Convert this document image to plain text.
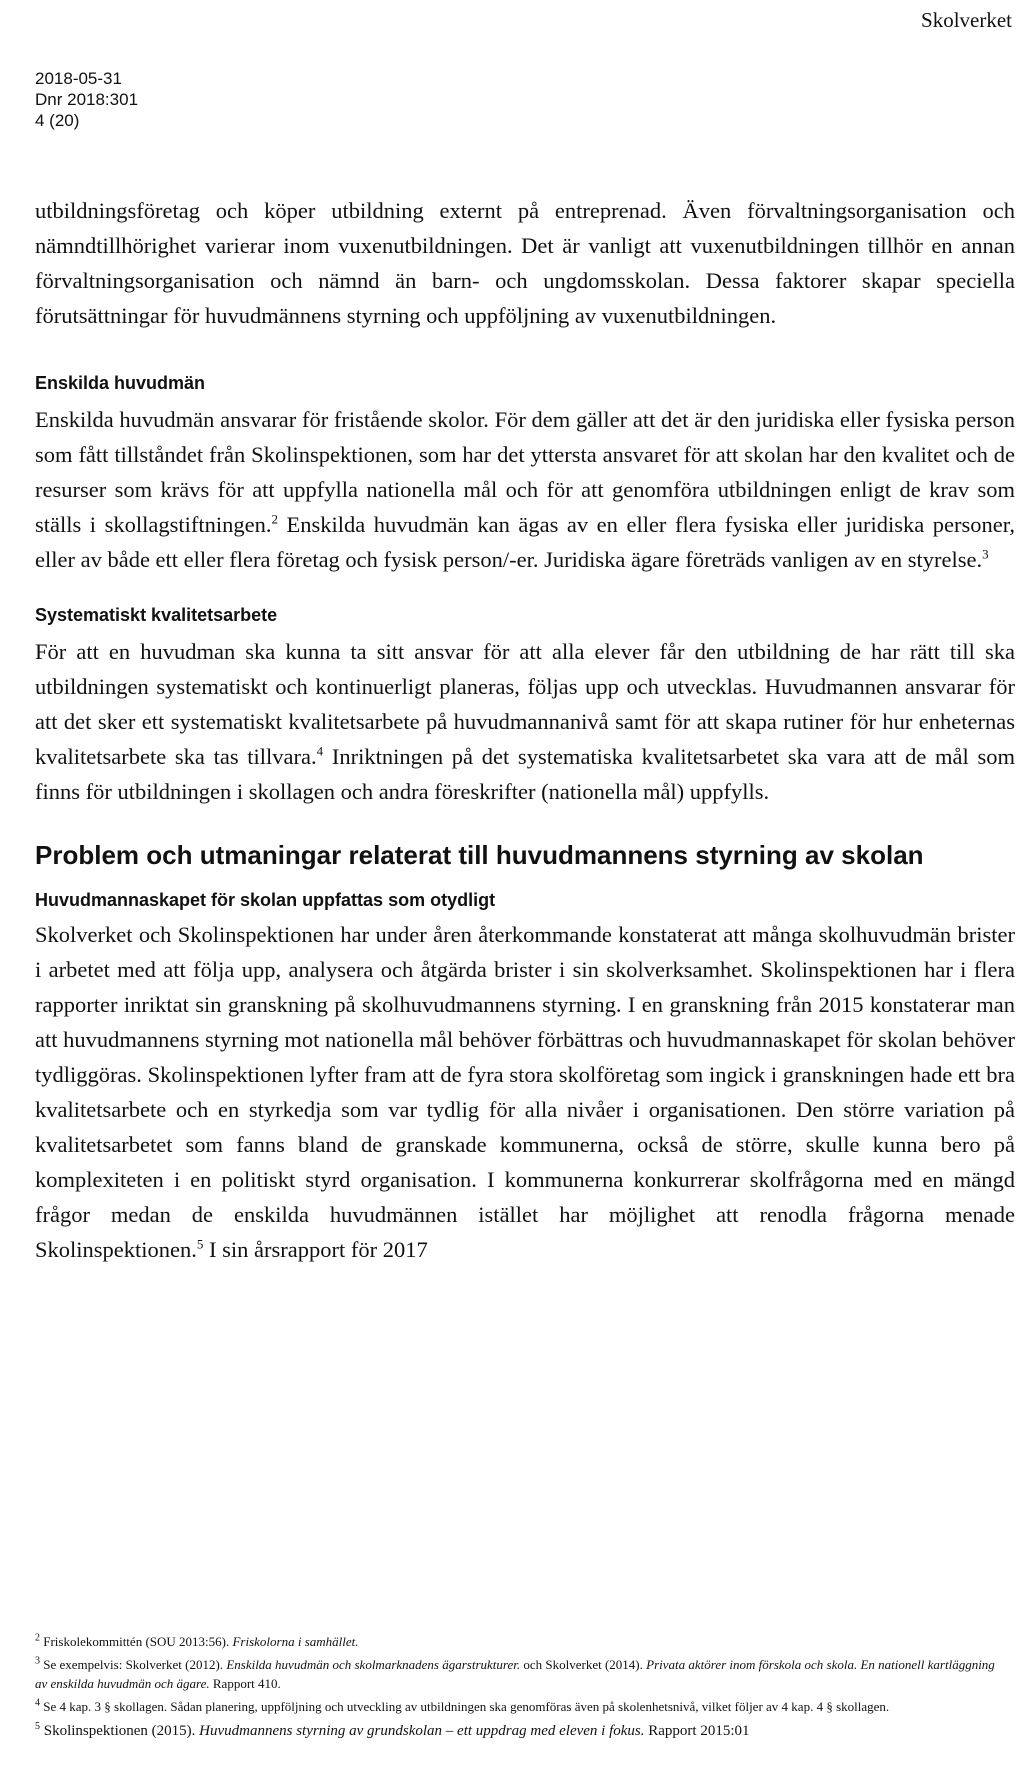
Skolverket
2018-05-31
Dnr 2018:301
4 (20)

utbildningsföretag och köper utbildning externt på entreprenad. Även förvaltningsorganisation och nämndtillhörighet varierar inom vuxenutbildningen. Det är vanligt att vuxenutbildningen tillhör en annan förvaltningsorganisation och nämnd än barn- och ungdomsskolan. Dessa faktorer skapar speciella förutsättningar för huvudmännens styrning och uppföljning av vuxenutbildningen.

Enskilda huvudmän

Enskilda huvudmän ansvarar för fristående skolor. För dem gäller att det är den juridiska eller fysiska person som fått tillståndet från Skolinspektionen, som har det yttersta ansvaret för att skolan har den kvalitet och de resurser som krävs för att uppfylla nationella mål och för att genomföra utbildningen enligt de krav som ställs i skollagstiftningen.$^2$ Enskilda huvudmän kan ägas av en eller flera fysiska eller juridiska personer, eller av både ett eller flera företag och fysisk person/-er. Juridiska ägare företräds vanligen av en styrelse.$^3$

Systematiskt kvalitetsarbete

För att en huvudman ska kunna ta sitt ansvar för att alla elever får den utbildning de har rätt till ska utbildningen systematiskt och kontinuerligt planeras, följas upp och utvecklas. Huvudmannen ansvarar för att det sker ett systematiskt kvalitetsarbete på huvudmannanivå samt för att skapa rutiner för hur enheternas kvalitetsarbete ska tas tillvara.$^4$ Inriktningen på det systematiska kvalitetsarbetet ska vara att de mål som finns för utbildningen i skollagen och andra föreskrifter (nationella mål) uppfylls.

Problem och utmaningar relaterat till huvudmannens styrning av skolan
Huvudmannaskapet för skolan uppfattas som otydligt

Skolverket och Skolinspektionen har under åren återkommande konstaterat att många skolhuvudmän brister i arbetet med att följa upp, analysera och åtgärda brister i sin skolverksamhet. Skolinspektionen har i flera rapporter inriktat sin granskning på skolhuvudmannens styrning. I en granskning från 2015 konstaterar man att huvudmannens styrning mot nationella mål behöver förbättras och huvudmannaskapet för skolan behöver tydliggöras. Skolinspektionen lyfter fram att de fyra stora skolföretag som ingick i granskningen hade ett bra kvalitetsarbete och en styrkedja som var tydlig för alla nivåer i organisationen. Den större variation på kvalitetsarbetet som fanns bland de granskade kommunerna, också de större, skulle kunna bero på komplexiteten i en politiskt styrd organisation. I kommunerna konkurrerar skolfrågorna med en mängd frågor medan de enskilda huvudmännen istället har möjlighet att renodla frågorna menade Skolinspektionen.$^5$ I sin årsrapport för 2017

$^2$ Friskolekommittén (SOU 2013:56). Friskolorna i samhället.

$^3$ Se exempelvis: Skolverket (2012). Enskilda huvudmän och skolmarknadens ägarstrukturer. och Skolverket (2014). Privata aktörer inom förskola och skola. En nationell kartläggning av enskilda huvudmän och ägare. Rapport 410.

$^4$ Se 4 kap. 3 § skollagen. Sådan planering, uppföljning och utveckling av utbildningen ska genomföras även på skolenhetsnivå, vilket följer av 4 kap. 4 § skollagen.

$^5$ Skolinspektionen (2015). Huvudmannens styrning av grundskolan – ett uppdrag med eleven i fokus. Rapport 2015:01
